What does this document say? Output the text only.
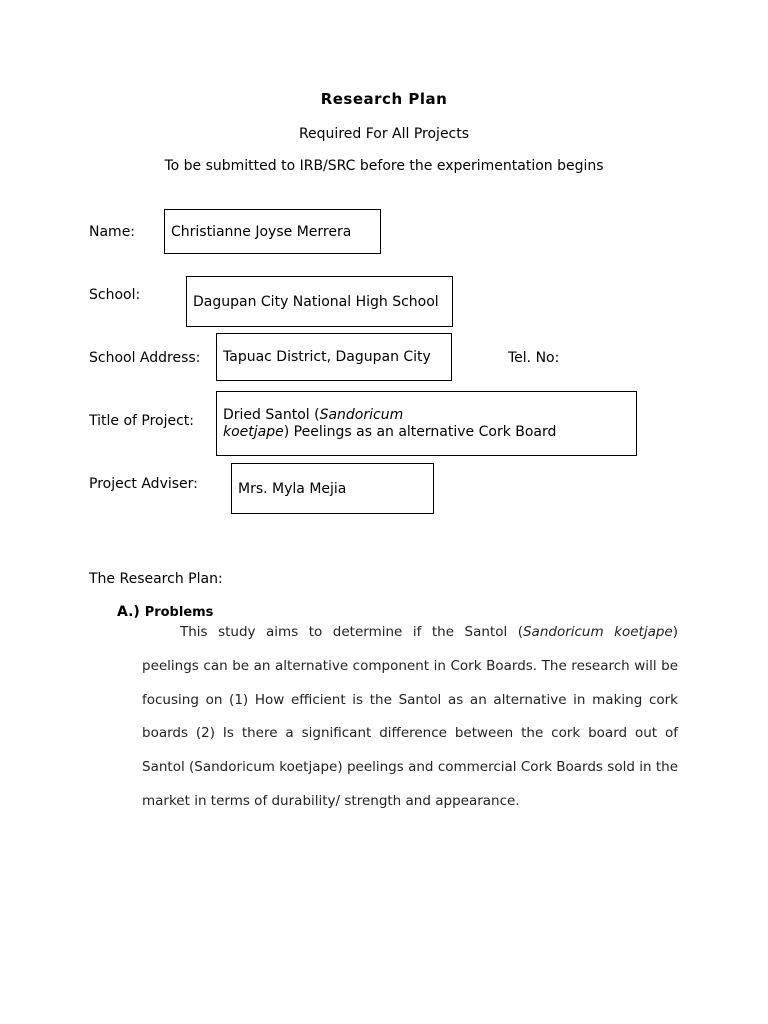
Research Plan
Required For All Projects
To be submitted to IRB/SRC before the experimentation begins
Name:	Christianne Joyse Merrera
School:	Dagupan City National High School
School Address: Tapuac District, Dagupan City	Tel. No:
Title of Project:	Dried Santol (Sandoricum koetjape) Peelings as an alternative Cork Board
Project Adviser:	Mrs. Myla Mejia
The Research Plan:
A.) Problems
This study aims to determine if the Santol (Sandoricum koetjape) peelings can be an alternative component in Cork Boards. The research will be focusing on (1) How efficient is the Santol as an alternative in making cork boards (2) Is there a significant difference between the cork board out of Santol (Sandoricum koetjape) peelings and commercial Cork Boards sold in the market in terms of durability/ strength and appearance.
